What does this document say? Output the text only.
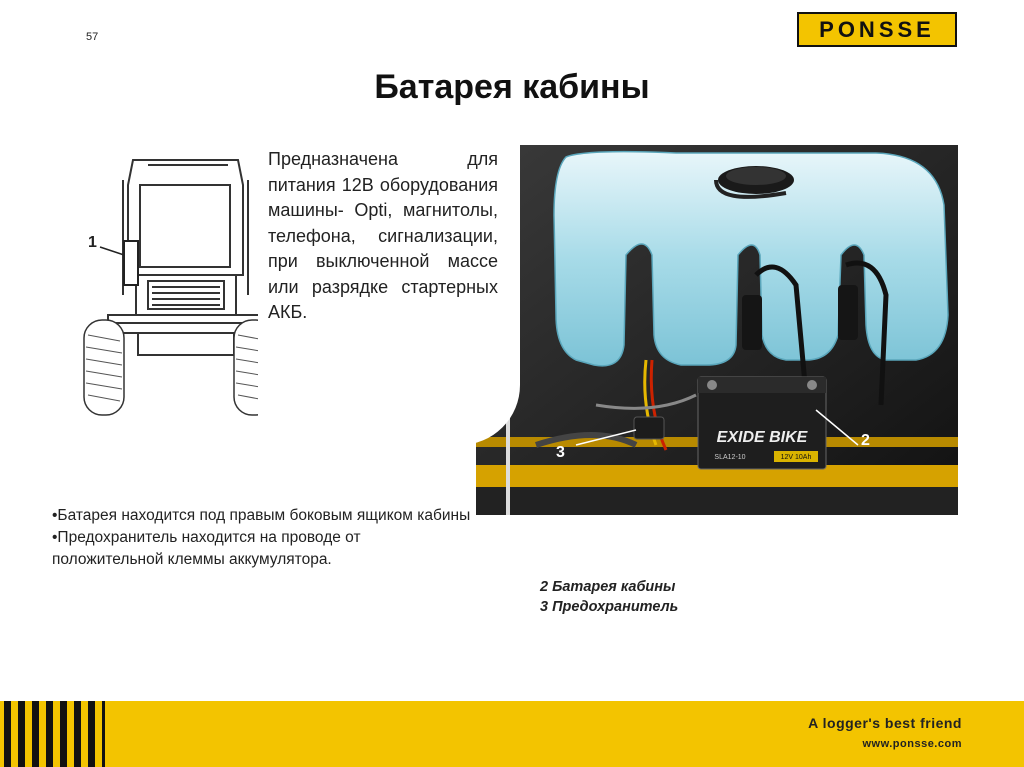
57	PONSSE
Батарея кабины
1
EXIDE BIKE
SLA12-10	12V 10Ah
2
3
Предназначена для питания 12В оборудования машины- Opti, магнитолы, телефона, сигнализации, при выключенной массе или разрядке стартерных АКБ.
•Батарея находится под правым боковым ящиком кабины
•Предохранитель находится на проводе от положительной клеммы аккумулятора.
2 Батарея кабины
3 Предохранитель
A logger's best friend
www.ponsse.com
